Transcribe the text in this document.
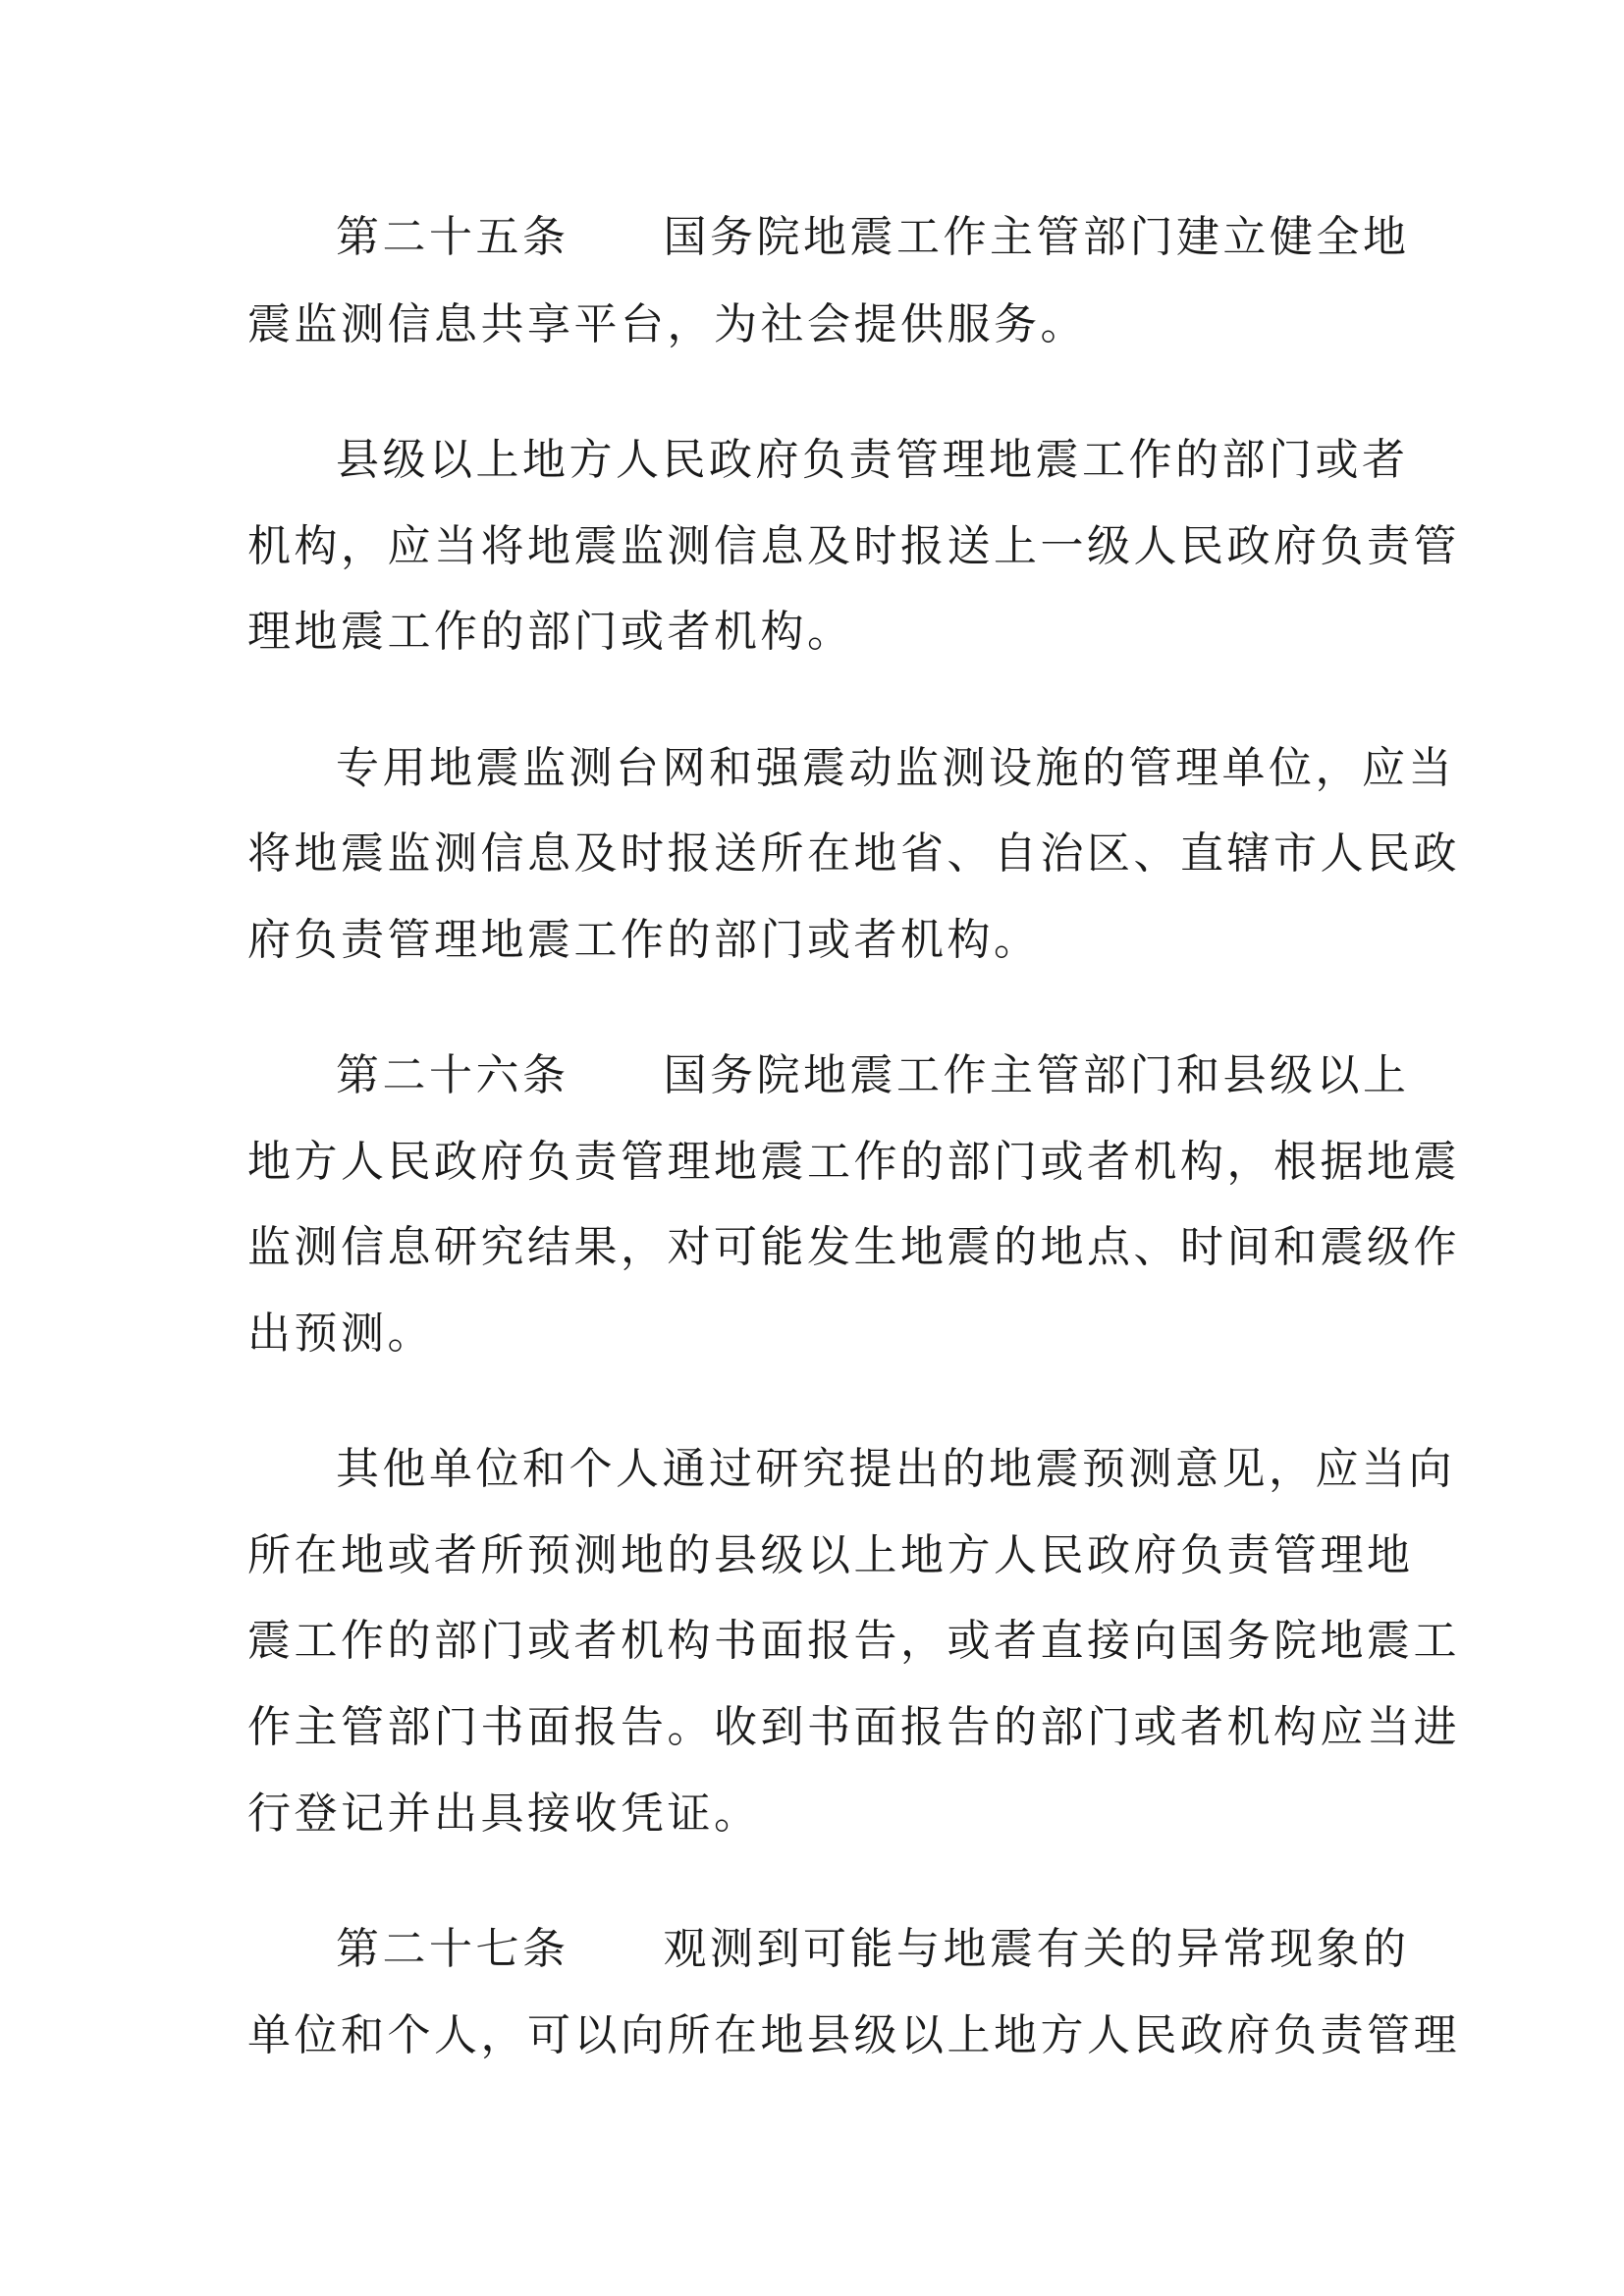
第二十五条 国务院地震工作主管部门建立健全地
震监测信息共享平台，为社会提供服务。
县级以上地方人民政府负责管理地震工作的部门或者
机构，应当将地震监测信息及时报送上一级人民政府负责管
理地震工作的部门或者机构。
专用地震监测台网和强震动监测设施的管理单位，应当
将地震监测信息及时报送所在地省、自治区、直辖市人民政
府负责管理地震工作的部门或者机构。
第二十六条 国务院地震工作主管部门和县级以上
地方人民政府负责管理地震工作的部门或者机构，根据地震
监测信息研究结果，对可能发生地震的地点、时间和震级作
出预测。
其他单位和个人通过研究提出的地震预测意见，应当向
所在地或者所预测地的县级以上地方人民政府负责管理地
震工作的部门或者机构书面报告，或者直接向国务院地震工
作主管部门书面报告。收到书面报告的部门或者机构应当进
行登记并出具接收凭证。
第二十七条 观测到可能与地震有关的异常现象的
单位和个人，可以向所在地县级以上地方人民政府负责管理
